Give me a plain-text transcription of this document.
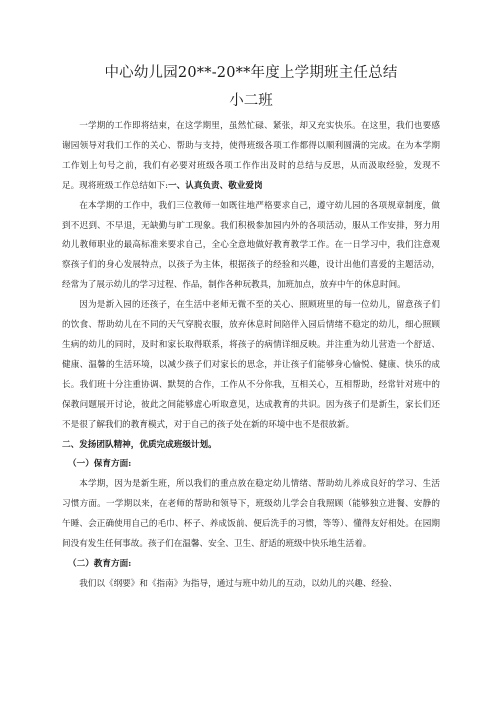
中心幼儿园20**-20**年度上学期班主任总结
小二班

一学期的工作即将结束，在这学期里，虽然忙碌、紧张，却又充实快乐。在这里，我们也要感谢园领导对我们工作的关心、帮助与支持，使得班级各项工作都得以顺利圆满的完成。在为本学期工作划上句号之前，我们有必要对班级各项工作作出及时的总结与反思，从而汲取经验，发现不足。现将班级工作总结如下:一、认真负责、敬业爱岗

在本学期的工作中，我们三位教师一如既往地严格要求自己，遵守幼儿园的各项规章制度，做到不迟到、不早退，无缺勤与旷工现象。我们积极参加园内外的各项活动，服从工作安排，努力用幼儿教师职业的最高标准来要求自己，全心全意地做好教育教学工作。在一日学习中，我们注意观察孩子们的身心发展特点，以孩子为主体，根据孩子的经验和兴趣，设计出他们喜爱的主题活动，经常为了展示幼儿的学习过程、作品，制作各种玩教具，加班加点，放弃中午的休息时间。

因为是新入园的还孩子，在生活中老师无微不至的关心、照顾班里的每一位幼儿，留意孩子们的饮食、帮助幼儿在不同的天气穿脱衣服，放弃休息时间陪伴入园后情绪不稳定的幼儿，细心照顾生病的幼儿的同时，及时和家长取得联系，将孩子的病情详细反映。并注重为幼儿营造一个舒适、健康、温馨的生活环境，以减少孩子们对家长的思念，并让孩子们能够身心愉悦、健康、快乐的成长。我们班十分注重协调、默契的合作，工作从不分你我，互相关心，互相帮助，经常针对班中的保教问题展开讨论，彼此之间能够虚心听取意见，达成教育的共识。因为孩子们是新生，家长们还不是很了解我们的教育模式，对于自己的孩子处在新的环境中也不是很放新。

二、发扬团队精神，优质完成班级计划。

（一）保育方面:

本学期，因为是新生班，所以我们的重点放在稳定幼儿情绪、帮助幼儿养成良好的学习、生活习惯方面。一学期以来，在老师的帮助和领导下，班级幼儿学会自我照顾（能够独立进餐、安静的午睡、会正确使用自己的毛巾、杯子、养成饭前、便后洗手的习惯，等等）、懂得友好相处。在园期间没有发生任何事故。孩子们在温馨、安全、卫生、舒适的班级中快乐地生活着。

（二）教育方面:

我们以《纲要》和《指南》为指导，通过与班中幼儿的互动，以幼儿的兴趣、经验、
